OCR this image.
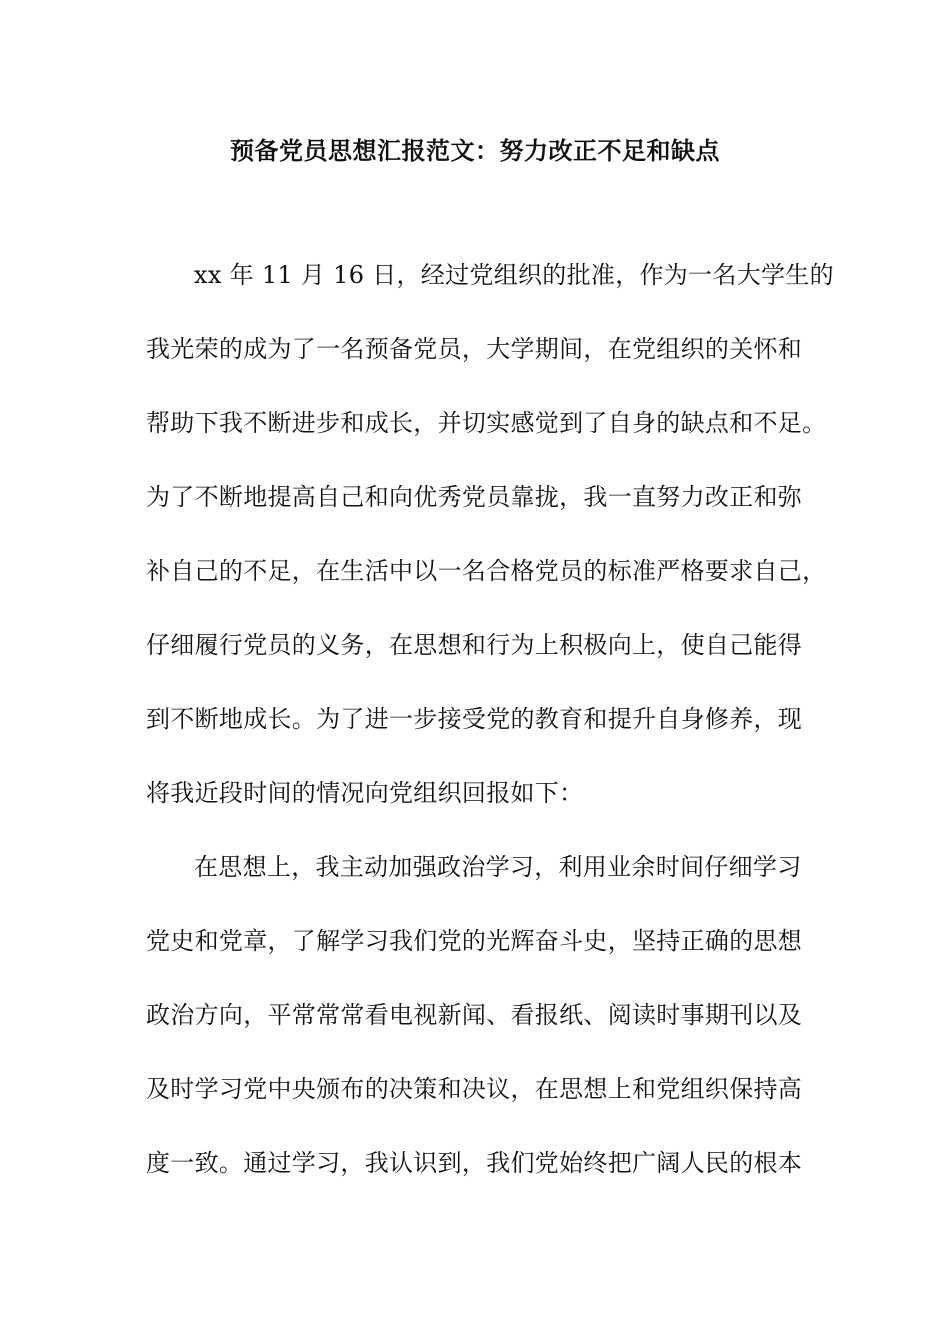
预备党员思想汇报范文：努力改正不足和缺点
xx 年 11 月 16 日，经过党组织的批准，作为一名大学生的
我光荣的成为了一名预备党员，大学期间，在党组织的关怀和
帮助下我不断进步和成长，并切实感觉到了自身的缺点和不足。
为了不断地提高自己和向优秀党员靠拢，我一直努力改正和弥
补自己的不足，在生活中以一名合格党员的标准严格要求自己，
仔细履行党员的义务，在思想和行为上积极向上，使自己能得
到不断地成长。为了进一步接受党的教育和提升自身修养，现
将我近段时间的情况向党组织回报如下：
在思想上，我主动加强政治学习，利用业余时间仔细学习
党史和党章，了解学习我们党的光辉奋斗史，坚持正确的思想
政治方向，平常常常看电视新闻、看报纸、阅读时事期刊以及
及时学习党中央颁布的决策和决议，在思想上和党组织保持高
度一致。通过学习，我认识到，我们党始终把广阔人民的根本
